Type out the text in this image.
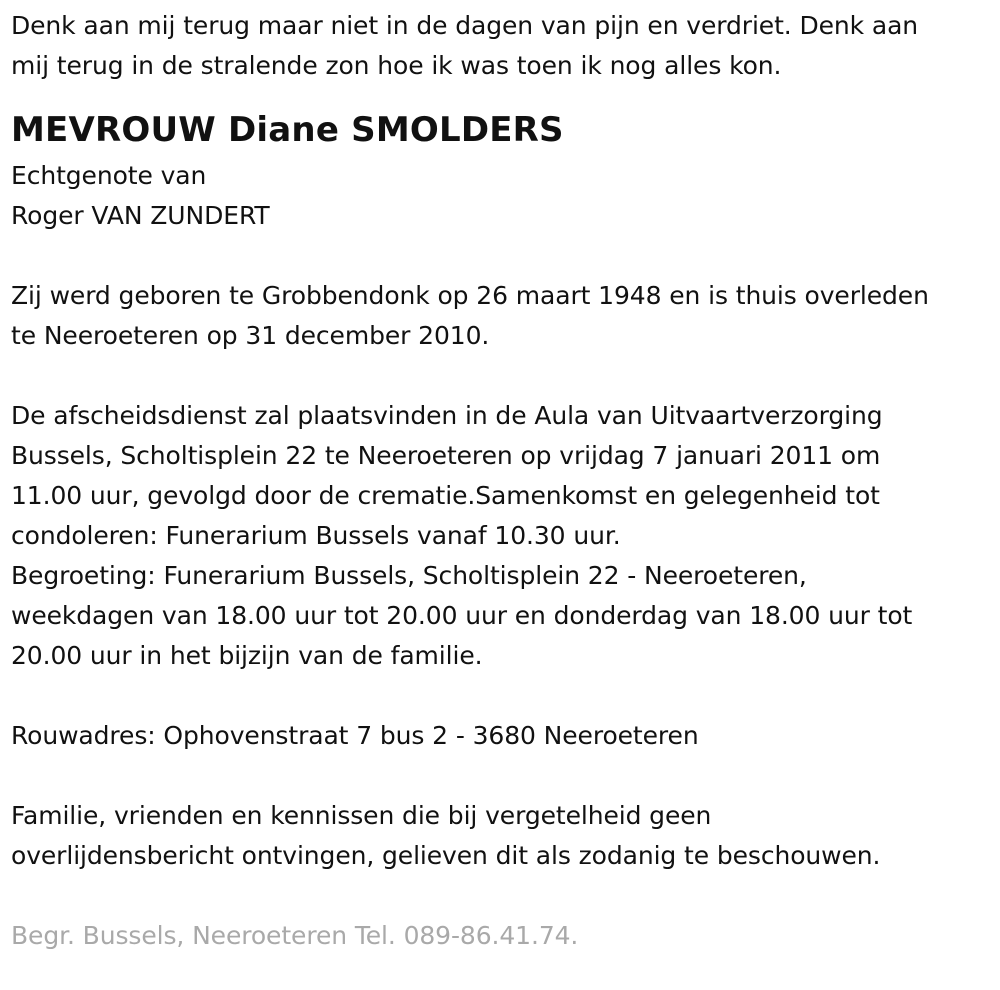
Denk aan mij terug maar niet in de dagen van pijn en verdriet. Denk aan
mij terug in de stralende zon hoe ik was toen ik nog alles kon.
MEVROUW Diane SMOLDERS
Echtgenote van
Roger VAN ZUNDERT
Zij werd geboren te Grobbendonk op 26 maart 1948 en is thuis overleden
te Neeroeteren op 31 december 2010.
De afscheidsdienst zal plaatsvinden in de Aula van Uitvaartverzorging
Bussels, Scholtisplein 22 te Neeroeteren op vrijdag 7 januari 2011 om
11.00 uur, gevolgd door de crematie.Samenkomst en gelegenheid tot
condoleren: Funerarium Bussels vanaf 10.30 uur.
Begroeting: Funerarium Bussels, Scholtisplein 22 - Neeroeteren,
weekdagen van 18.00 uur tot 20.00 uur en donderdag van 18.00 uur tot
20.00 uur in het bijzijn van de familie.
Rouwadres: Ophovenstraat 7 bus 2 - 3680 Neeroeteren
Familie, vrienden en kennissen die bij vergetelheid geen
overlijdensbericht ontvingen, gelieven dit als zodanig te beschouwen.
Begr. Bussels, Neeroeteren Tel. 089-86.41.74.
